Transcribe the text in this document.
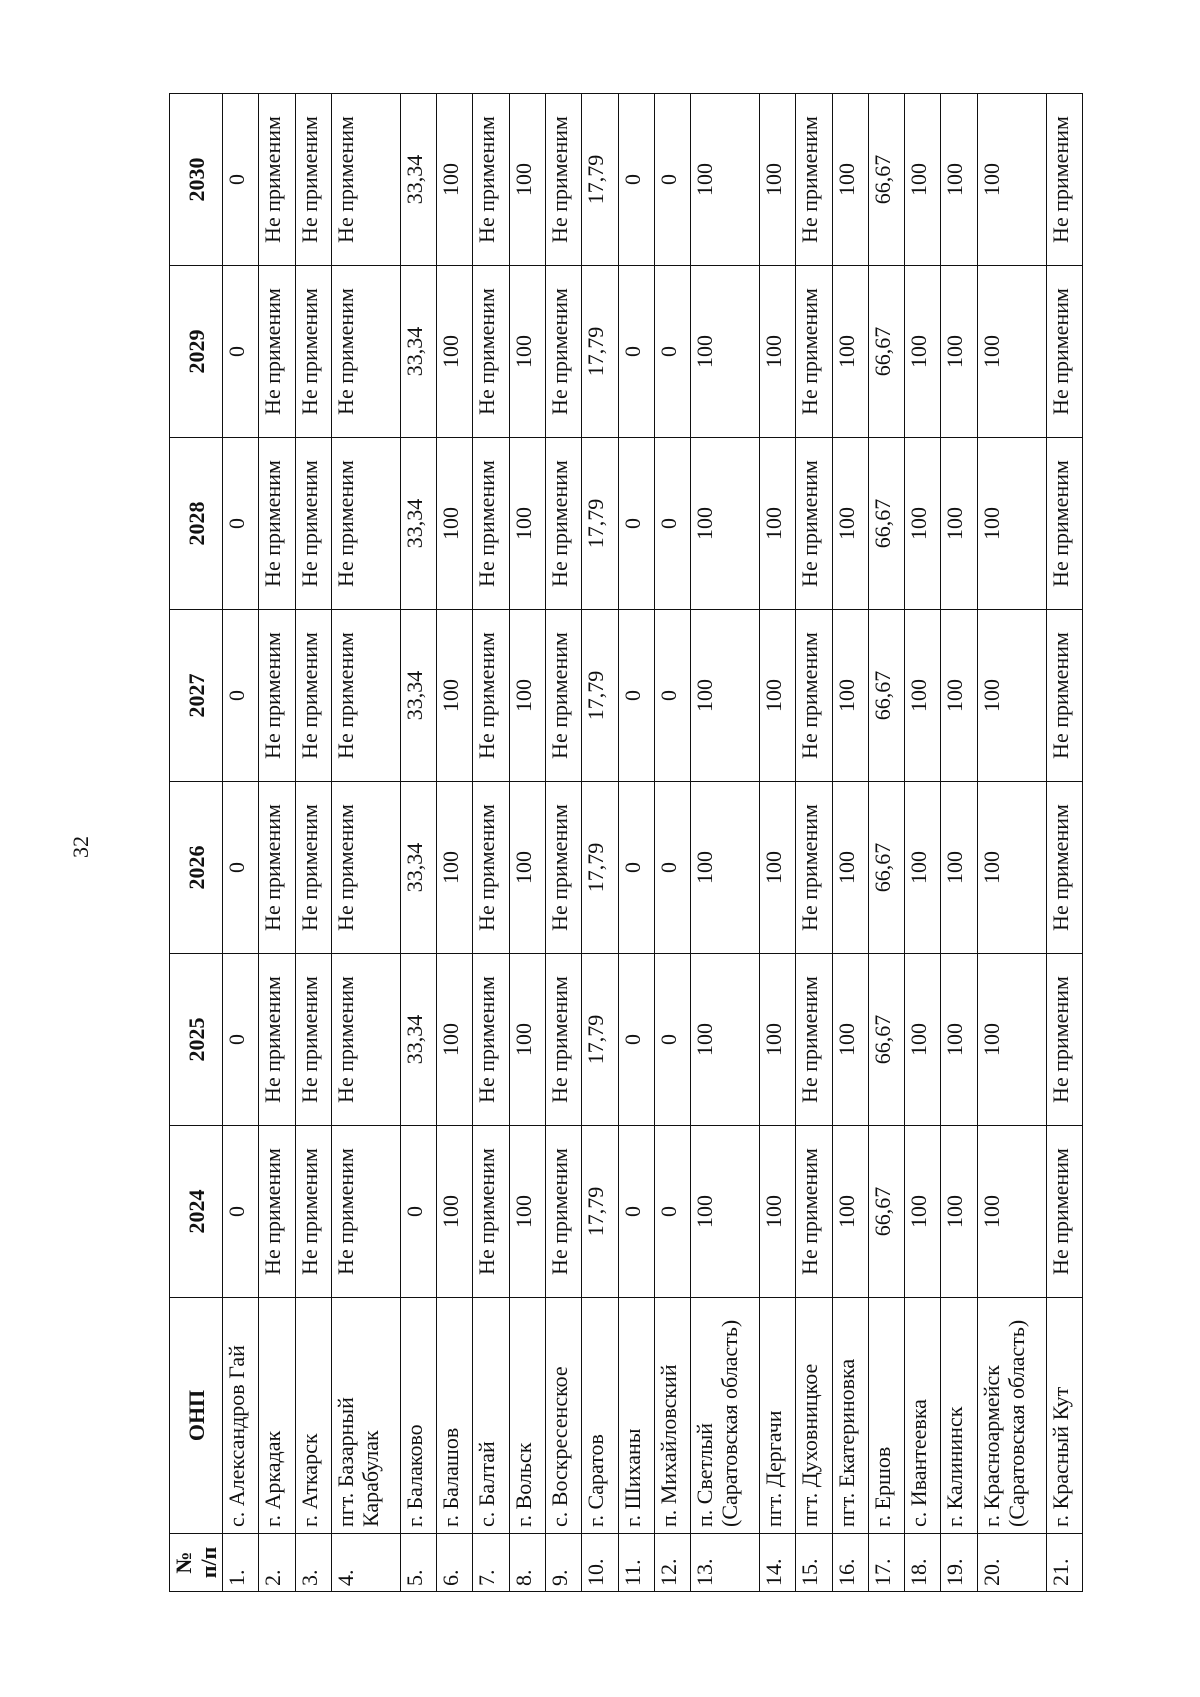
32
№ п/п	ОНП	2024	2025	2026	2027	2028	2029	2030
1.	с. Александров Гай	0	0	0	0	0	0	0
2.	г. Аркадак	Не применим	Не применим	Не применим	Не применим	Не применим	Не применим	Не применим
3.	г. Аткарск	Не применим	Не применим	Не применим	Не применим	Не применим	Не применим	Не применим
4.	пгт. Базарный Карабулак	Не применим	Не применим	Не применим	Не применим	Не применим	Не применим	Не применим
5.	г. Балаково	0	33,34	33,34	33,34	33,34	33,34	33,34
6.	г. Балашов	100	100	100	100	100	100	100
7.	с. Балтай	Не применим	Не применим	Не применим	Не применим	Не применим	Не применим	Не применим
8.	г. Вольск	100	100	100	100	100	100	100
9.	с. Воскресенское	Не применим	Не применим	Не применим	Не применим	Не применим	Не применим	Не применим
10.	г. Саратов	17,79	17,79	17,79	17,79	17,79	17,79	17,79
11.	г. Шиханы	0	0	0	0	0	0	0
12.	п. Михайловский	0	0	0	0	0	0	0
13.	п. Светлый (Саратовская область)	100	100	100	100	100	100	100
14.	пгт. Дергачи	100	100	100	100	100	100	100
15.	пгт. Духовницкое	Не применим	Не применим	Не применим	Не применим	Не применим	Не применим	Не применим
16.	пгт. Екатериновка	100	100	100	100	100	100	100
17.	г. Ершов	66,67	66,67	66,67	66,67	66,67	66,67	66,67
18.	с. Ивантеевка	100	100	100	100	100	100	100
19.	г. Калининск	100	100	100	100	100	100	100
20.	г. Красноармейск (Саратовская область)	100	100	100	100	100	100	100
21.	г. Красный Кут	Не применим	Не применим	Не применим	Не применим	Не применим	Не применим	Не применим
